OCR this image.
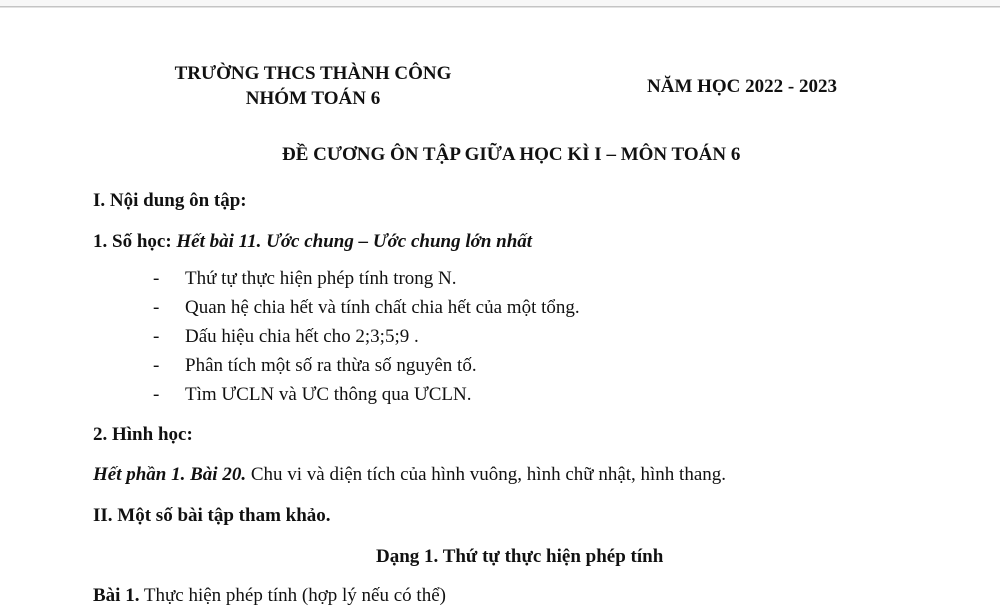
TRƯỜNG THCS THÀNH CÔNG
NHÓM TOÁN 6
NĂM HỌC 2022 - 2023
ĐỀ CƯƠNG ÔN TẬP GIỮA HỌC KÌ I – MÔN TOÁN 6
I. Nội dung ôn tập:
1. Số học: Hết bài 11. Ước chung – Ước chung lớn nhất
- Thứ tự thực hiện phép tính trong N.
- Quan hệ chia hết và tính chất chia hết của một tổng.
- Dấu hiệu chia hết cho 2;3;5;9 .
- Phân tích một số ra thừa số nguyên tố.
- Tìm ƯCLN và ƯC thông qua ƯCLN.
2. Hình học:
Hết phần 1. Bài 20. Chu vi và diện tích của hình vuông, hình chữ nhật, hình thang.
II. Một số bài tập tham khảo.
Dạng 1. Thứ tự thực hiện phép tính
Bài 1. Thực hiện phép tính (hợp lý nếu có thể)
